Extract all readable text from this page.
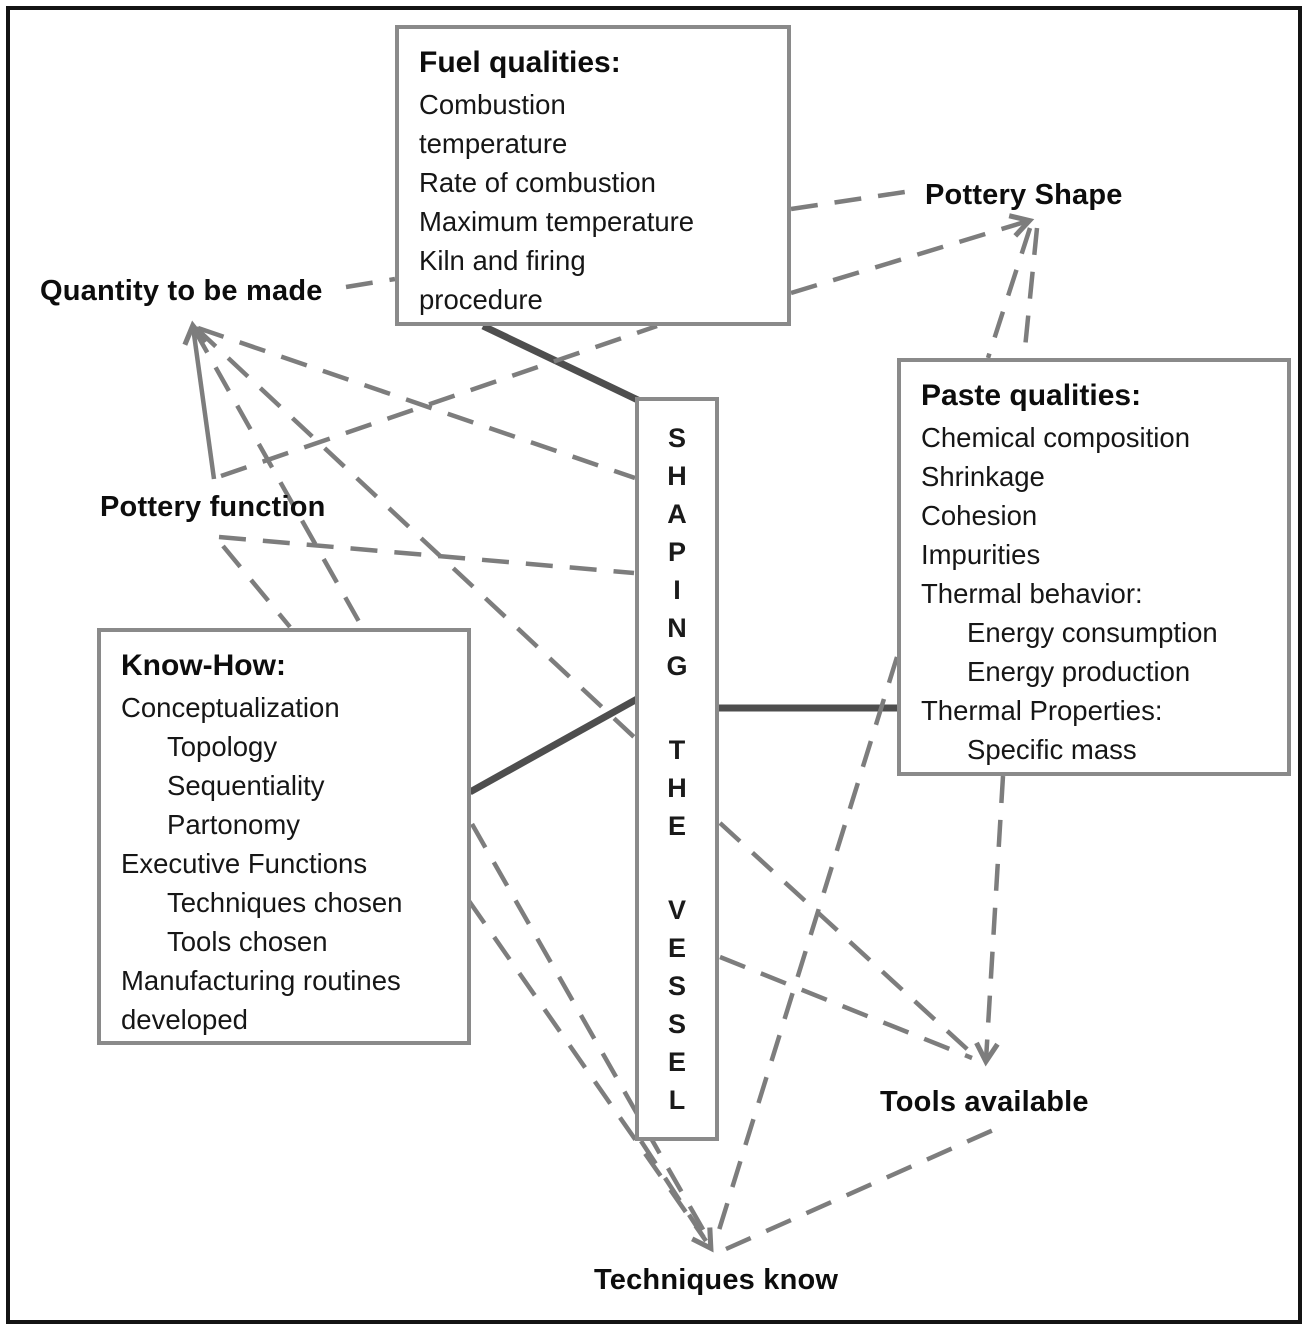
Fuel qualities:
Combustion
temperature
Rate of combustion
Maximum temperature
Kiln and firing
procedure
Paste qualities:
Chemical composition
Shrinkage
Cohesion
Impurities
Thermal behavior:
Energy consumption
Energy production
Thermal Properties:
Specific mass
Know-How:
Conceptualization
Topology
Sequentiality
Partonomy
Executive Functions
Techniques chosen
Tools chosen
Manufacturing routines
developed
S
H
A
P
I
N
G
T
H
E
V
E
S
S
E
L
Quantity to be made
Pottery Shape
Pottery function
Tools available
Techniques know
